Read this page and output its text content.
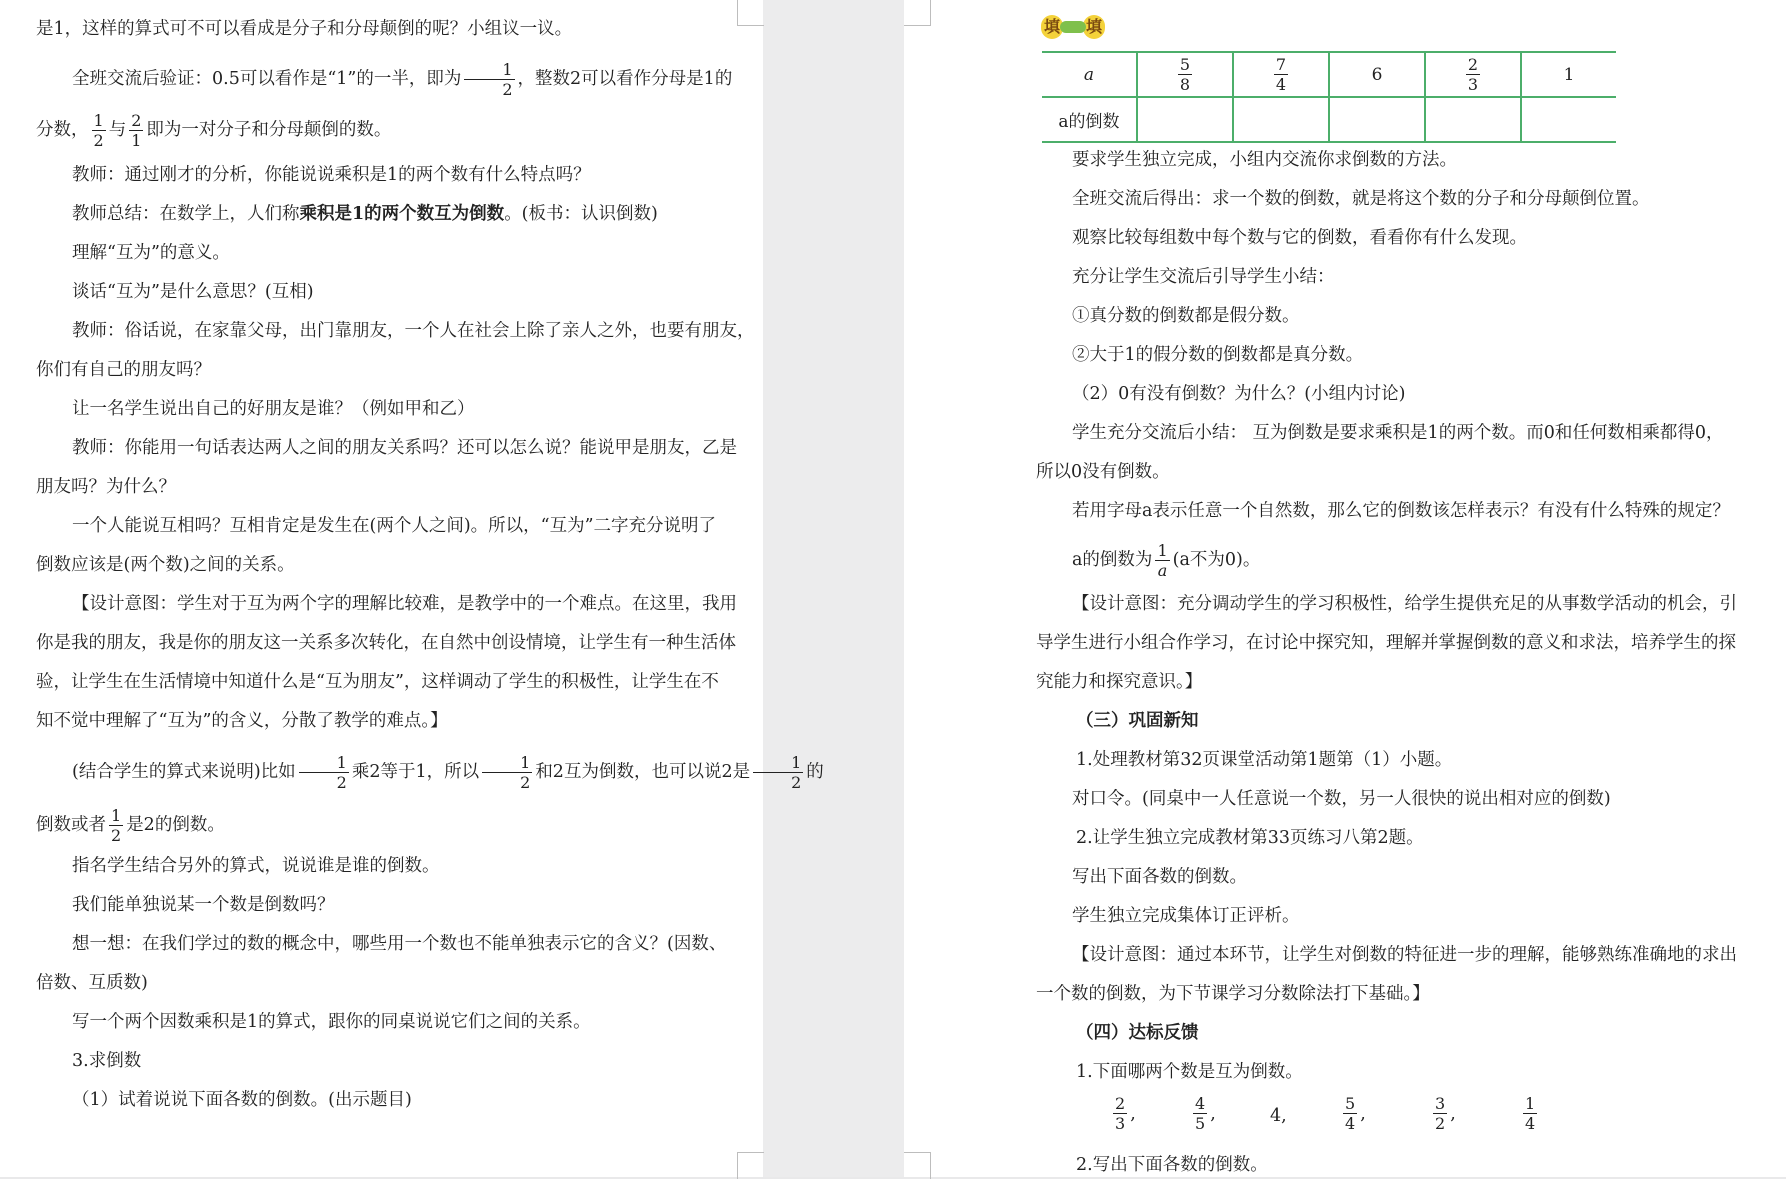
是1，这样的算式可不可以看成是分子和分母颠倒的呢？小组议一议。
全班交流后验证：0.5可以看作是“1”的一半，即为 $\frac{1}{2}$ ，整数2可以看作分母是1的
分数， $\frac{1}{2}$ 与 $\frac{2}{1}$ 即为一对分子和分母颠倒的数。
教师：通过刚才的分析，你能说说乘积是1的两个数有什么特点吗？
教师总结：在数学上，人们称乘积是1的两个数互为倒数。(板书：认识倒数)
理解“互为”的意义。
谈话“互为”是什么意思？(互相)
教师：俗话说，在家靠父母，出门靠朋友，一个人在社会上除了亲人之外，也要有朋友，
你们有自己的朋友吗？
让一名学生说出自己的好朋友是谁？（例如甲和乙）
教师：你能用一句话表达两人之间的朋友关系吗？还可以怎么说？能说甲是朋友，乙是
朋友吗？为什么？
一个人能说互相吗？互相肯定是发生在(两个人之间)。所以，“互为”二字充分说明了
倒数应该是(两个数)之间的关系。
【设计意图：学生对于互为两个字的理解比较难，是教学中的一个难点。在这里，我用
你是我的朋友，我是你的朋友这一关系多次转化，在自然中创设情境，让学生有一种生活体
验，让学生在生活情境中知道什么是“互为朋友”，这样调动了学生的积极性，让学生在不
知不觉中理解了“互为”的含义，分散了教学的难点。】
(结合学生的算式来说明)比如 $\frac{1}{2}$ 乘2等于1，所以 $\frac{1}{2}$ 和2互为倒数，也可以说2是 $\frac{1}{2}$ 的
倒数或者 $\frac{1}{2}$ 是2的倒数。
指名学生结合另外的算式，说说谁是谁的倒数。
我们能单独说某一个数是倒数吗？
想一想：在我们学过的数的概念中，哪些用一个数也不能单独表示它的含义？(因数、
倍数、互质数)
写一个两个因数乘积是1的算式，跟你的同桌说说它们之间的关系。
3.求倒数
（1）试着说说下面各数的倒数。(出示题目)
填 填
a	$\frac{5}{8}$	$\frac{7}{4}$	6	$\frac{2}{3}$	1
a的倒数					
要求学生独立完成，小组内交流你求倒数的方法。
全班交流后得出：求一个数的倒数，就是将这个数的分子和分母颠倒位置。
观察比较每组数中每个数与它的倒数，看看你有什么发现。
充分让学生交流后引导学生小结：
①真分数的倒数都是假分数。
②大于1的假分数的倒数都是真分数。
（2）0有没有倒数？为什么？(小组内讨论)
学生充分交流后小结： 互为倒数是要求乘积是1的两个数。而0和任何数相乘都得0，
所以0没有倒数。
若用字母a表示任意一个自然数，那么它的倒数该怎样表示？有没有什么特殊的规定？
a的倒数为 $\frac{1}{a} (a$不为0)。
【设计意图：充分调动学生的学习积极性，给学生提供充足的从事数学活动的机会，引
导学生进行小组合作学习，在讨论中探究知，理解并掌握倒数的意义和求法，培养学生的探
究能力和探究意识。】
（三）巩固新知
1.处理教材第32页课堂活动第1题第（1）小题。
对口令。(同桌中一人任意说一个数，另一人很快的说出相对应的倒数)
2.让学生独立完成教材第33页练习八第2题。
写出下面各数的倒数。
学生独立完成集体订正评析。
【设计意图：通过本环节，让学生对倒数的特征进一步的理解，能够熟练准确地的求出
一个数的倒数，为下节课学习分数除法打下基础。】
（四）达标反馈
1.下面哪两个数是互为倒数。
$\frac{2}{3}$ ,	$\frac{4}{5}$ ,	4 ,	$\frac{5}{4}$ ,	$\frac{3}{2}$ ,	$\frac{1}{4}$
2.写出下面各数的倒数。
